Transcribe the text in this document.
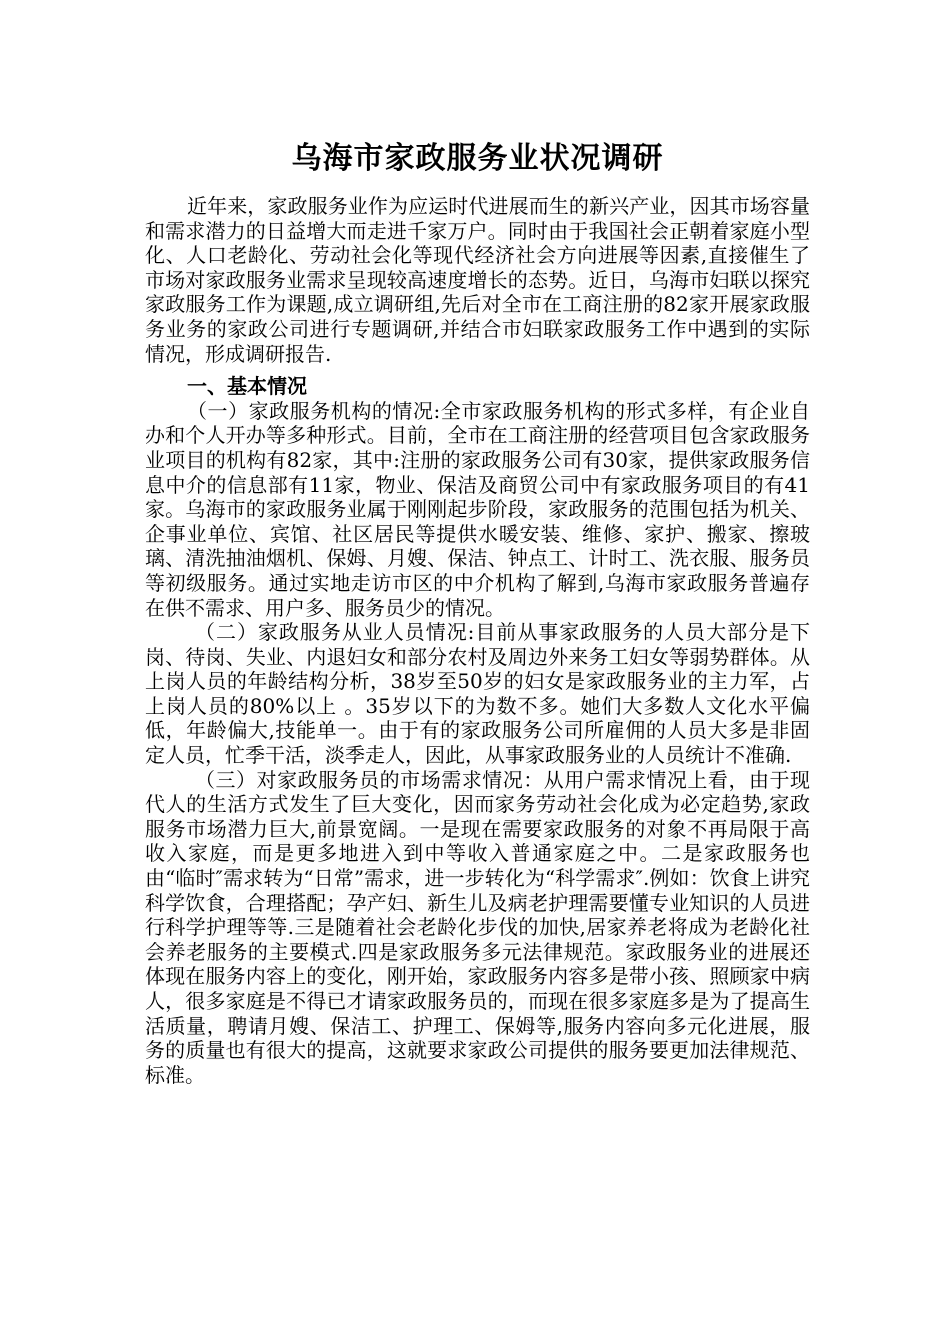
乌海市家政服务业状况调研

近年来，家政服务业作为应运时代进展而生的新兴产业，因其市场容量和需求潜力的日益增大而走进千家万户。同时由于我国社会正朝着家庭小型化、人口老龄化、劳动社会化等现代经济社会方向进展等因素,直接催生了市场对家政服务业需求呈现较高速度增长的态势。近日，乌海市妇联以探究家政服务工作为课题,成立调研组,先后对全市在工商注册的82家开展家政服务业务的家政公司进行专题调研,并结合市妇联家政服务工作中遇到的实际情况，形成调研报告.

一、基本情况

（一）家政服务机构的情况:全市家政服务机构的形式多样，有企业自办和个人开办等多种形式。目前，全市在工商注册的经营项目包含家政服务业项目的机构有82家，其中:注册的家政服务公司有30家，提供家政服务信息中介的信息部有11家，物业、保洁及商贸公司中有家政服务项目的有41家。乌海市的家政服务业属于刚刚起步阶段，家政服务的范围包括为机关、企事业单位、宾馆、社区居民等提供水暖安装、维修、家护、搬家、擦玻璃、清洗抽油烟机、保姆、月嫂、保洁、钟点工、计时工、洗衣服、服务员等初级服务。通过实地走访市区的中介机构了解到,乌海市家政服务普遍存在供不需求、用户多、服务员少的情况。

（二）家政服务从业人员情况:目前从事家政服务的人员大部分是下岗、待岗、失业、内退妇女和部分农村及周边外来务工妇女等弱势群体。从上岗人员的年龄结构分析，38岁至50岁的妇女是家政服务业的主力军，占上岗人员的80%以上 。35岁以下的为数不多。她们大多数人文化水平偏低，年龄偏大,技能单一。由于有的家政服务公司所雇佣的人员大多是非固定人员，忙季干活，淡季走人，因此，从事家政服务业的人员统计不准确.

（三）对家政服务员的市场需求情况：从用户需求情况上看，由于现代人的生活方式发生了巨大变化，因而家务劳动社会化成为必定趋势,家政服务市场潜力巨大,前景宽阔。一是现在需要家政服务的对象不再局限于高收入家庭，而是更多地进入到中等收入普通家庭之中。二是家政服务也由“临时″需求转为“日常”需求，进一步转化为“科学需求″.例如：饮食上讲究科学饮食，合理搭配；孕产妇、新生儿及病老护理需要懂专业知识的人员进行科学护理等等.三是随着社会老龄化步伐的加快,居家养老将成为老龄化社会养老服务的主要模式.四是家政服务多元法律规范。家政服务业的进展还体现在服务内容上的变化，刚开始，家政服务内容多是带小孩、照顾家中病人，很多家庭是不得已才请家政服务员的，而现在很多家庭多是为了提高生活质量，聘请月嫂、保洁工、护理工、保姆等,服务内容向多元化进展，服务的质量也有很大的提高，这就要求家政公司提供的服务要更加法律规范、标准。
